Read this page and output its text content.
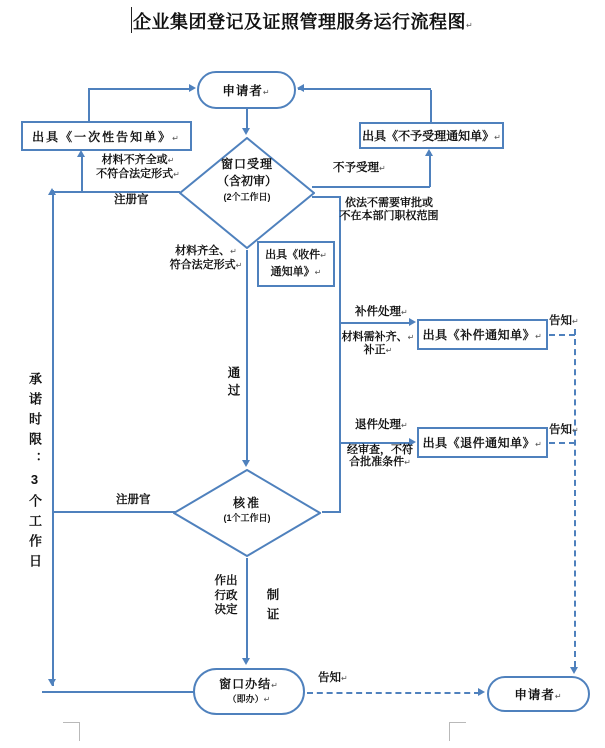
企业集团登记及证照管理服务运行流程图↵
申请者↵
出具《一次性告知单》↵	出具《不予受理通知单》↵
窗口受理
（含初审）
(2个工作日)
出具《收件↵
通知单》↵
出具《补件通知单》↵
出具《退件通知单》↵
核准
(1个工作日)
窗口办结↵
（即办）↵	申请者↵
材料不齐全或↵
不符合法定形式↵
注册官
不予受理↵
依法不需要审批或
不在本部门职权范围
材料齐全、↵
符合法定形式↵
补件处理↵
材料需补齐、↵
补正↵
告知↵
通过
退件处理↵
经审查，不符
合批准条件↵
告知↵
承诺时限：3个工作日	注册官
作出
行政
决定 制证
告知↵
